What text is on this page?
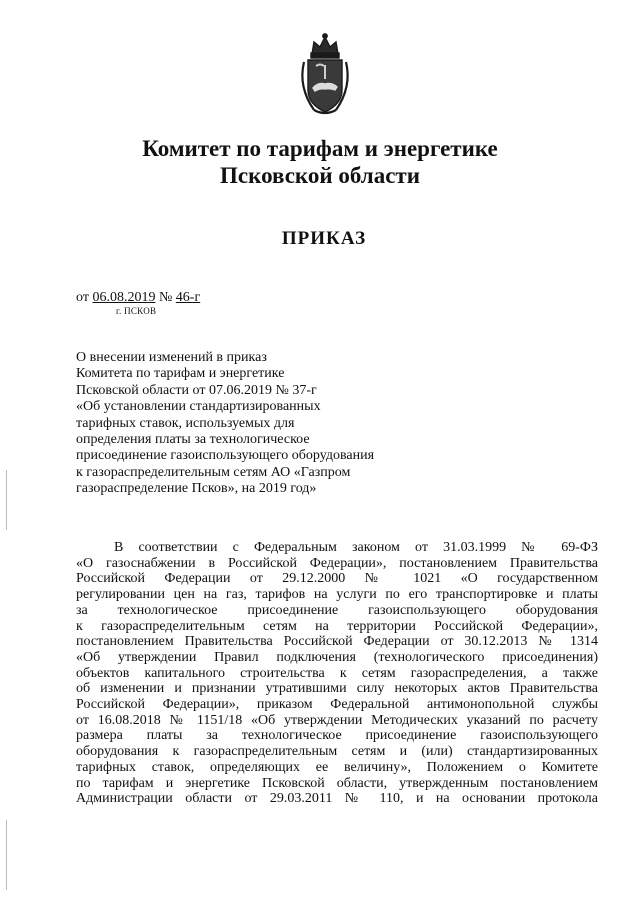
Комитет по тарифам и энергетике
Псковской области
ПРИКАЗ
от 06.08.2019 № 46-г
г. ПСКОВ
О внесении изменений в приказ
Комитета по тарифам и энергетике
Псковской области от 07.06.2019 № 37-г
«Об установлении стандартизированных
тарифных ставок, используемых для
определения платы за технологическое
присоединение газоиспользующего оборудования
к газораспределительным сетям АО «Газпром
газораспределение Псков», на 2019 год»
В соответствии с Федеральным законом от 31.03.1999 № 69-ФЗ
«О газоснабжении в Российской Федерации», постановлением Правительства
Российской Федерации от 29.12.2000 № 1021 «О государственном
регулировании цен на газ, тарифов на услуги по его транспортировке и платы
за технологическое присоединение газоиспользующего оборудования
к газораспределительным сетям на территории Российской Федерации»,
постановлением Правительства Российской Федерации от 30.12.2013 № 1314
«Об утверждении Правил подключения (технологического присоединения)
объектов капитального строительства к сетям газораспределения, а также
об изменении и признании утратившими силу некоторых актов Правительства
Российской Федерации», приказом Федеральной антимонопольной службы
от 16.08.2018 № 1151/18 «Об утверждении Методических указаний по расчету
размера платы за технологическое присоединение газоиспользующего
оборудования к газораспределительным сетям и (или) стандартизированных
тарифных ставок, определяющих ее величину», Положением о Комитете
по тарифам и энергетике Псковской области, утвержденным постановлением
Администрации области от 29.03.2011 № 110, и на основании протокола
